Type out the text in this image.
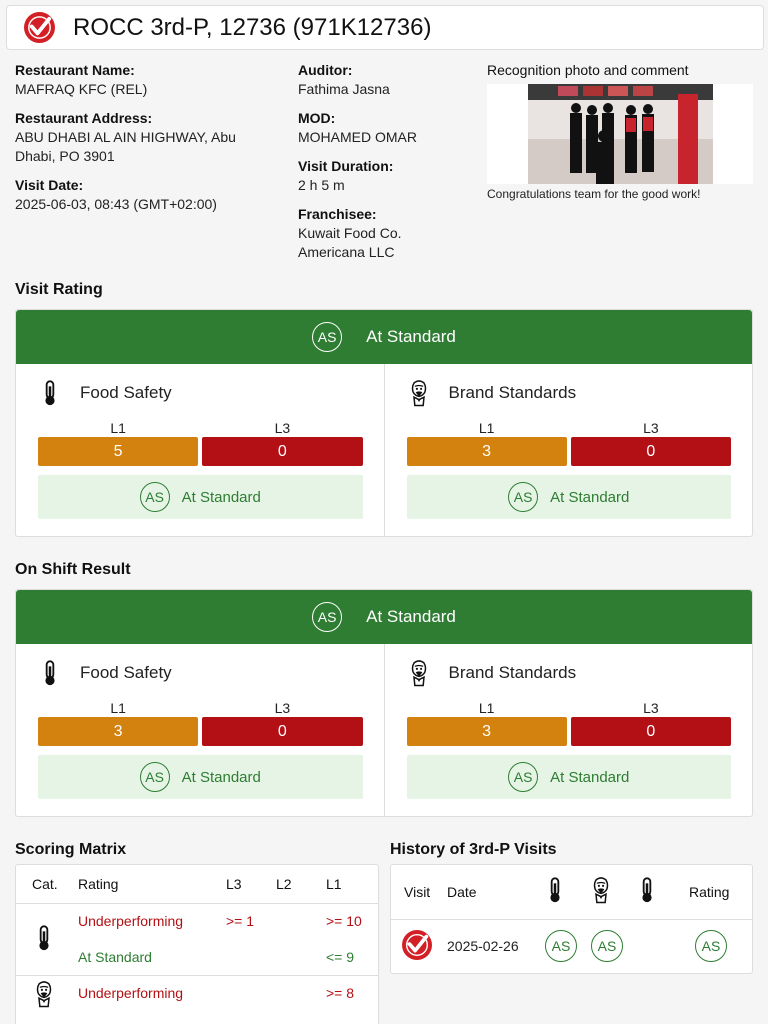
ROCC 3rd-P, 12736 (971K12736)
Restaurant Name:
MAFRAQ KFC (REL)
Restaurant Address:
ABU DHABI AL AIN HIGHWAY, Abu Dhabi, PO 3901
Visit Date:
2025-06-03, 08:43 (GMT+02:00)
Auditor:
Fathima Jasna
MOD:
MOHAMED OMAR
Visit Duration:
2 h 5 m
Franchisee:
Kuwait Food Co. Americana LLC
Recognition photo and comment
Congratulations team for the good work!
Visit Rating
AS	At Standard
Food Safety
L1
5
L3
0
AS	At Standard
Brand Standards
L1
3
L3
0
AS	At Standard
On Shift Result
AS	At Standard
Food Safety
L1
3
L3
0
AS	At Standard
Brand Standards
L1
3
L3
0
AS	At Standard
Scoring Matrix
Cat.	Rating	L3	L2	L1
	Underperforming	>= 1		>= 10
	At Standard			<= 9
	Underperforming			>= 8
History of 3rd-P Visits
Visit	Date				Rating
	2025-02-26	AS	AS		AS
